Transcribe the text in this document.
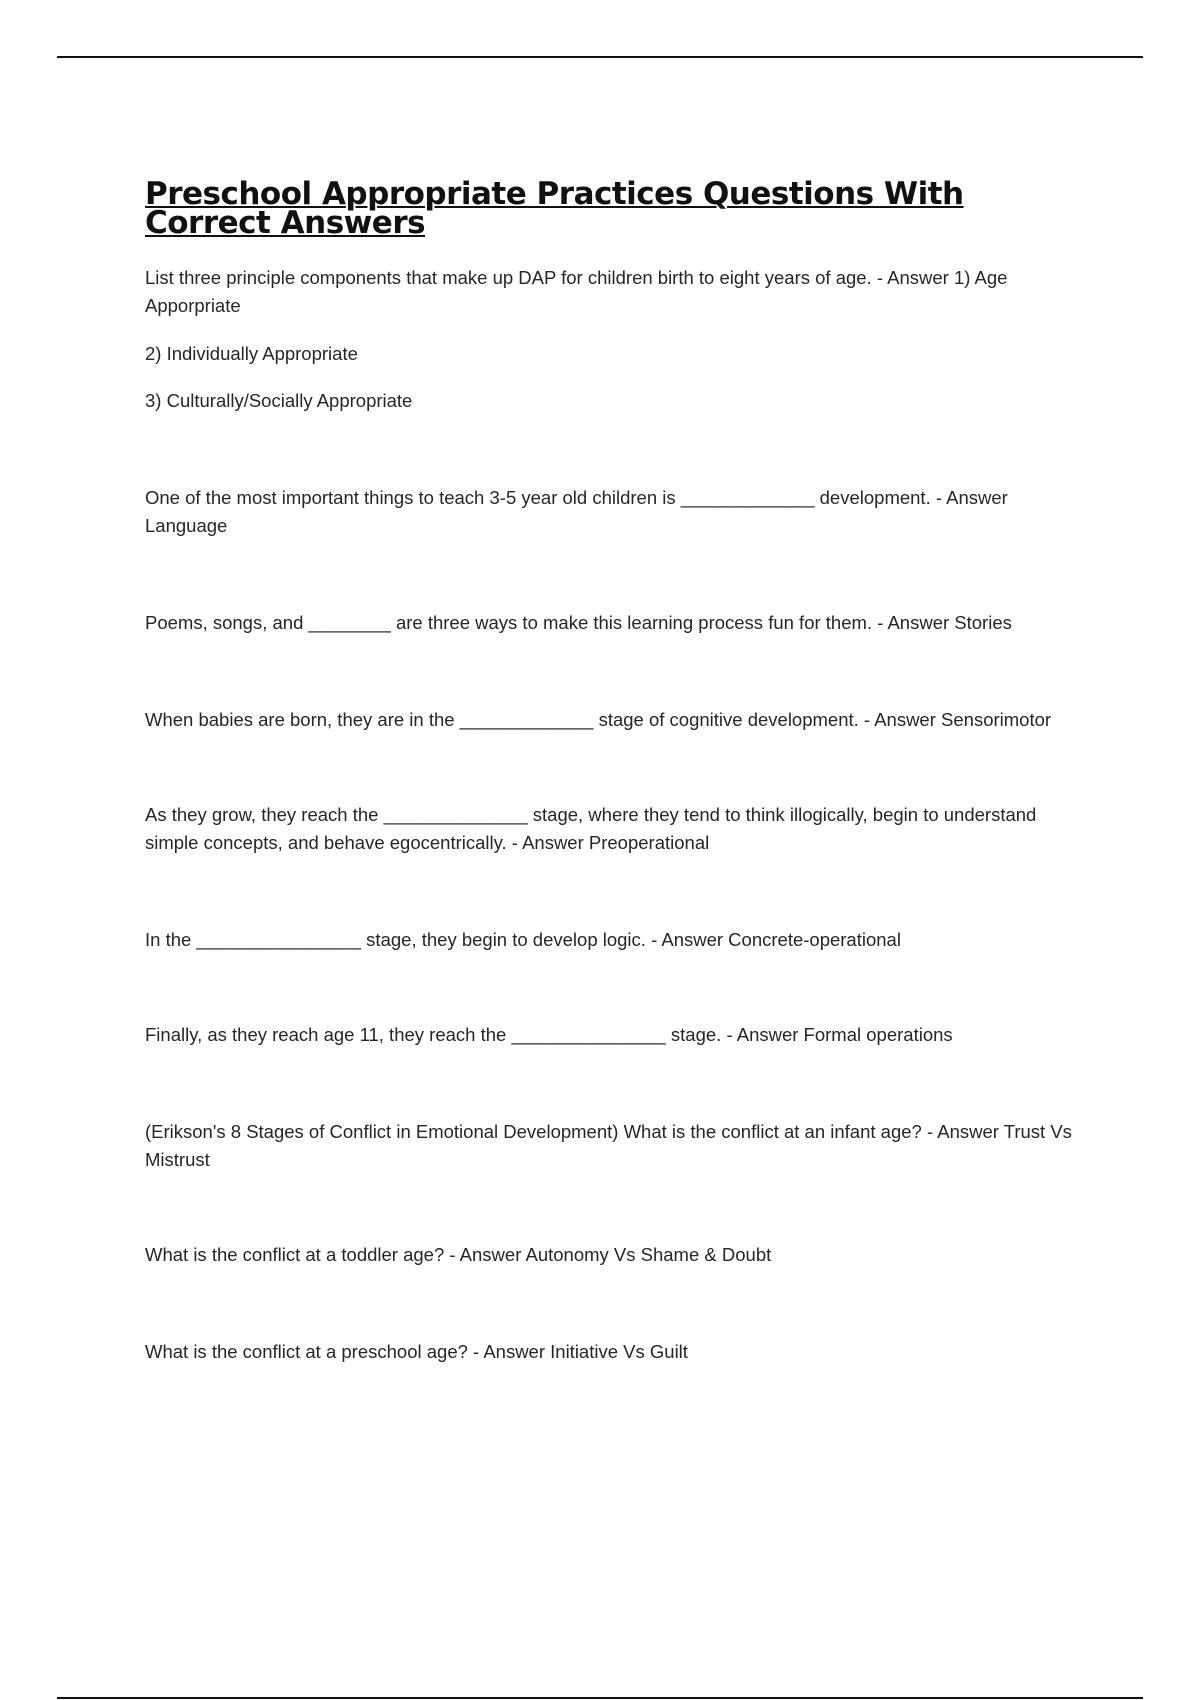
Preschool Appropriate Practices Questions With Correct Answers

List three principle components that make up DAP for children birth to eight years of age. - Answer 1) Age Apporpriate

2) Individually Appropriate

3) Culturally/Socially Appropriate

One of the most important things to teach 3-5 year old children is _____________ development. - Answer Language

Poems, songs, and ________ are three ways to make this learning process fun for them. - Answer Stories

When babies are born, they are in the _____________ stage of cognitive development. - Answer Sensorimotor

As they grow, they reach the ______________ stage, where they tend to think illogically, begin to understand simple concepts, and behave egocentrically. - Answer Preoperational

In the ________________ stage, they begin to develop logic. - Answer Concrete-operational

Finally, as they reach age 11, they reach the _______________ stage. - Answer Formal operations

(Erikson's 8 Stages of Conflict in Emotional Development) What is the conflict at an infant age? - Answer Trust Vs Mistrust

What is the conflict at a toddler age? - Answer Autonomy Vs Shame & Doubt

What is the conflict at a preschool age? - Answer Initiative Vs Guilt
